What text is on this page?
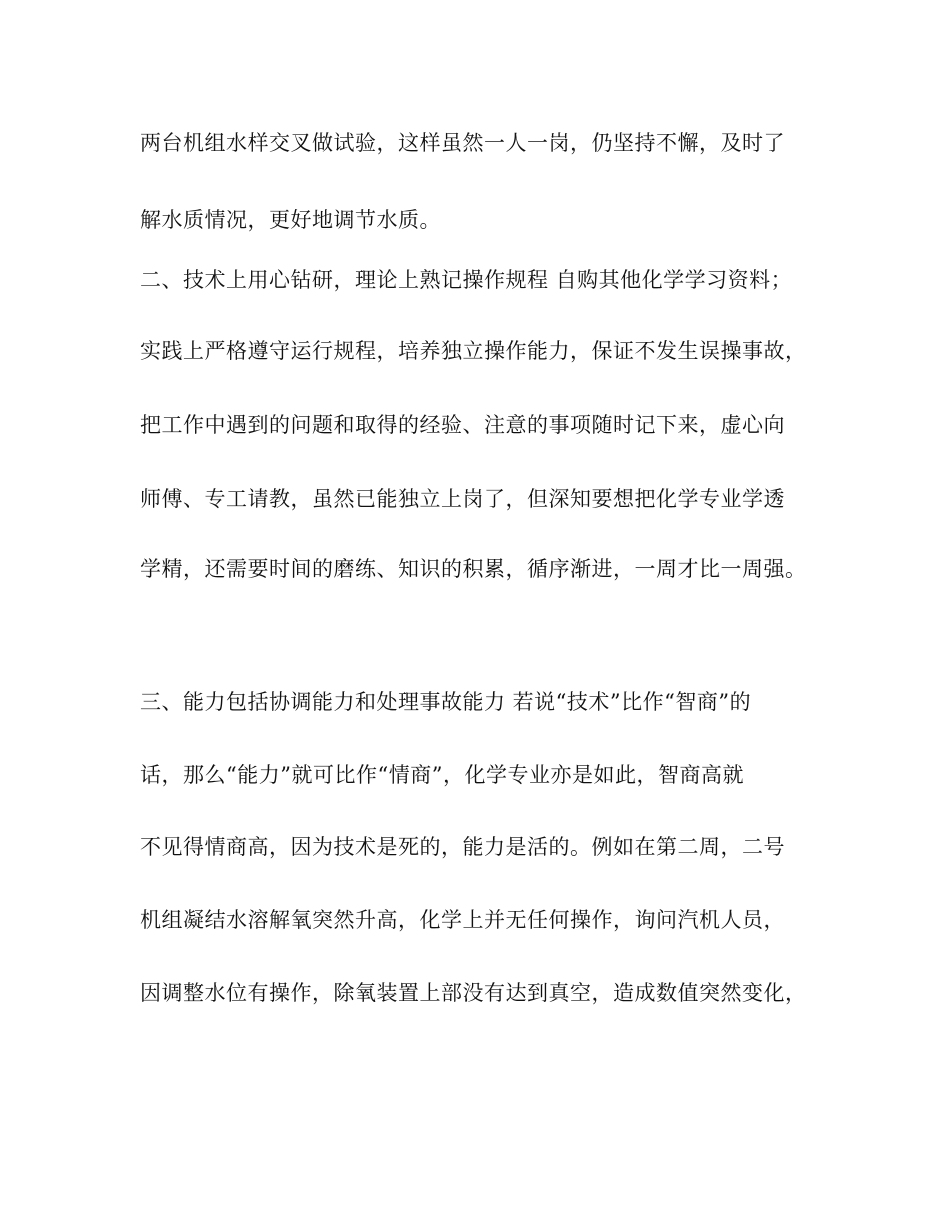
两台机组水样交叉做试验，这样虽然一人一岗，仍坚持不懈，及时了
解水质情况，更好地调节水质。
二、技术上用心钻研，理论上熟记操作规程 自购其他化学学习资料；
实践上严格遵守运行规程，培养独立操作能力，保证不发生误操事故，
把工作中遇到的问题和取得的经验、注意的事项随时记下来，虚心向
师傅、专工请教，虽然已能独立上岗了，但深知要想把化学专业学透
学精，还需要时间的磨练、知识的积累，循序渐进，一周才比一周强。
三、能力包括协调能力和处理事故能力 若说“技术”比作“智商”的
话，那么“能力”就可比作“情商”，化学专业亦是如此，智商高就
不见得情商高，因为技术是死的，能力是活的。例如在第二周，二号
机组凝结水溶解氧突然升高，化学上并无任何操作，询问汽机人员，
因调整水位有操作，除氧装置上部没有达到真空，造成数值突然变化，
